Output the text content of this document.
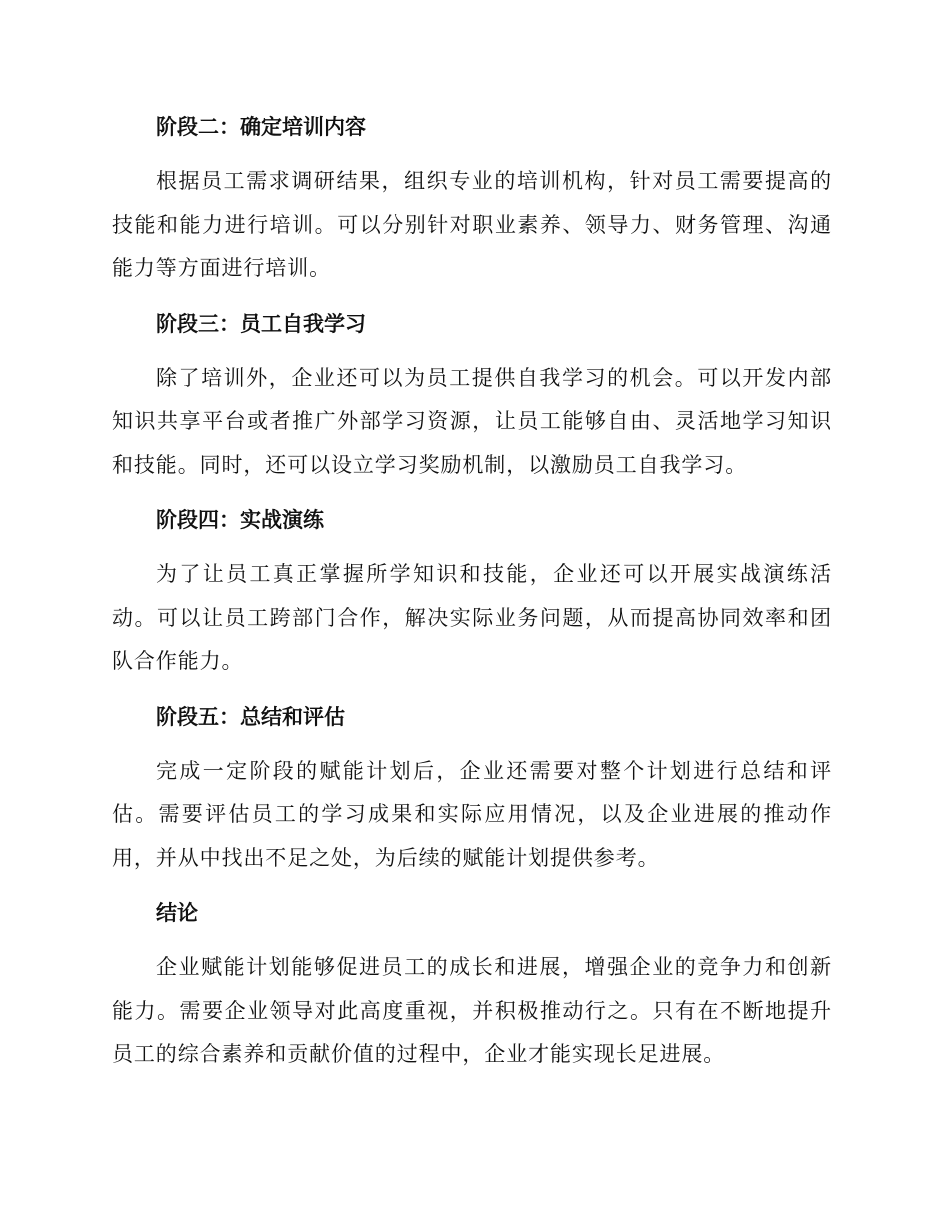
阶段二：确定培训内容

根据员工需求调研结果，组织专业的培训机构，针对员工需要提高的技能和能力进行培训。可以分别针对职业素养、领导力、财务管理、沟通能力等方面进行培训。

阶段三：员工自我学习

除了培训外，企业还可以为员工提供自我学习的机会。可以开发内部知识共享平台或者推广外部学习资源，让员工能够自由、灵活地学习知识和技能。同时，还可以设立学习奖励机制，以激励员工自我学习。

阶段四：实战演练

为了让员工真正掌握所学知识和技能，企业还可以开展实战演练活动。可以让员工跨部门合作，解决实际业务问题，从而提高协同效率和团队合作能力。

阶段五：总结和评估

完成一定阶段的赋能计划后，企业还需要对整个计划进行总结和评估。需要评估员工的学习成果和实际应用情况，以及企业进展的推动作用，并从中找出不足之处，为后续的赋能计划提供参考。

结论

企业赋能计划能够促进员工的成长和进展，增强企业的竞争力和创新能力。需要企业领导对此高度重视，并积极推动行之。只有在不断地提升员工的综合素养和贡献价值的过程中，企业才能实现长足进展。
